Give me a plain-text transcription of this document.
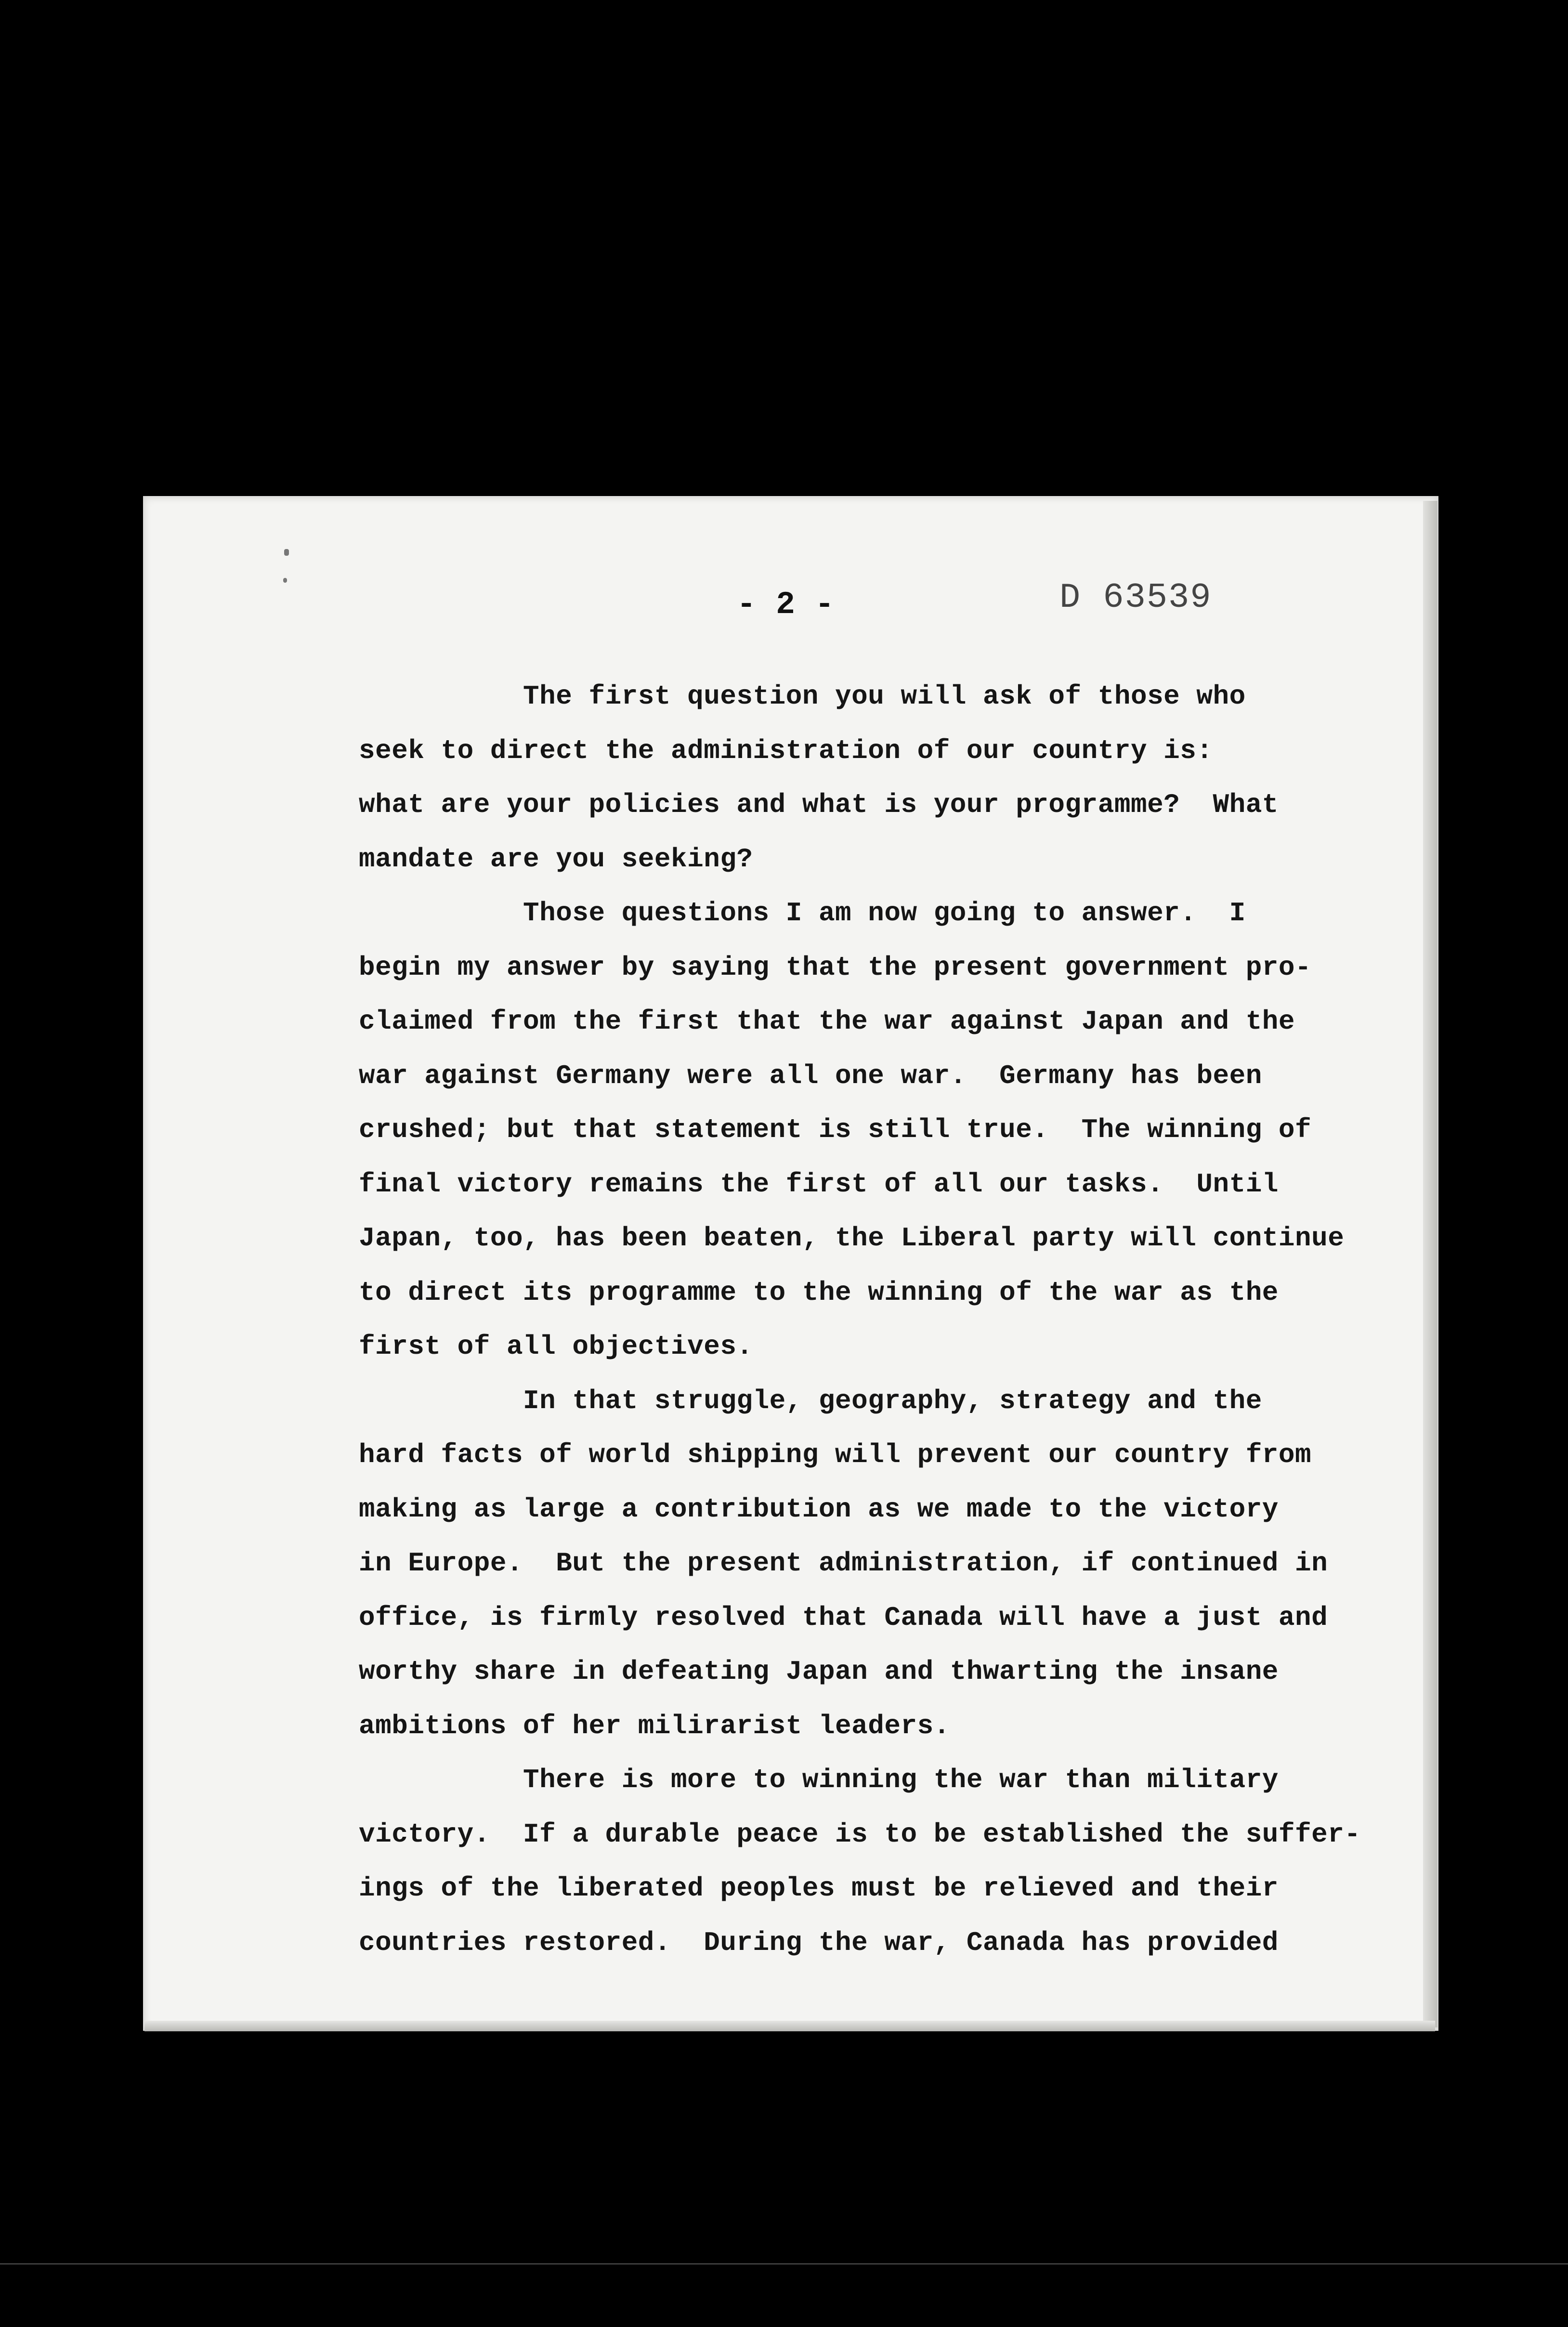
- 2 -	D 63539
The first question you will ask of those who
seek to direct the administration of our country is:
what are your policies and what is your programme?  What
mandate are you seeking?
Those questions I am now going to answer.  I
begin my answer by saying that the present government pro-
claimed from the first that the war against Japan and the
war against Germany were all one war.  Germany has been
crushed; but that statement is still true.  The winning of
final victory remains the first of all our tasks.  Until
Japan, too, has been beaten, the Liberal party will continue
to direct its programme to the winning of the war as the
first of all objectives.
In that struggle, geography, strategy and the
hard facts of world shipping will prevent our country from
making as large a contribution as we made to the victory
in Europe.  But the present administration, if continued in
office, is firmly resolved that Canada will have a just and
worthy share in defeating Japan and thwarting the insane
ambitions of her milirarist leaders.
There is more to winning the war than military
victory.  If a durable peace is to be established the suffer-
ings of the liberated peoples must be relieved and their
countries restored.  During the war, Canada has provided
